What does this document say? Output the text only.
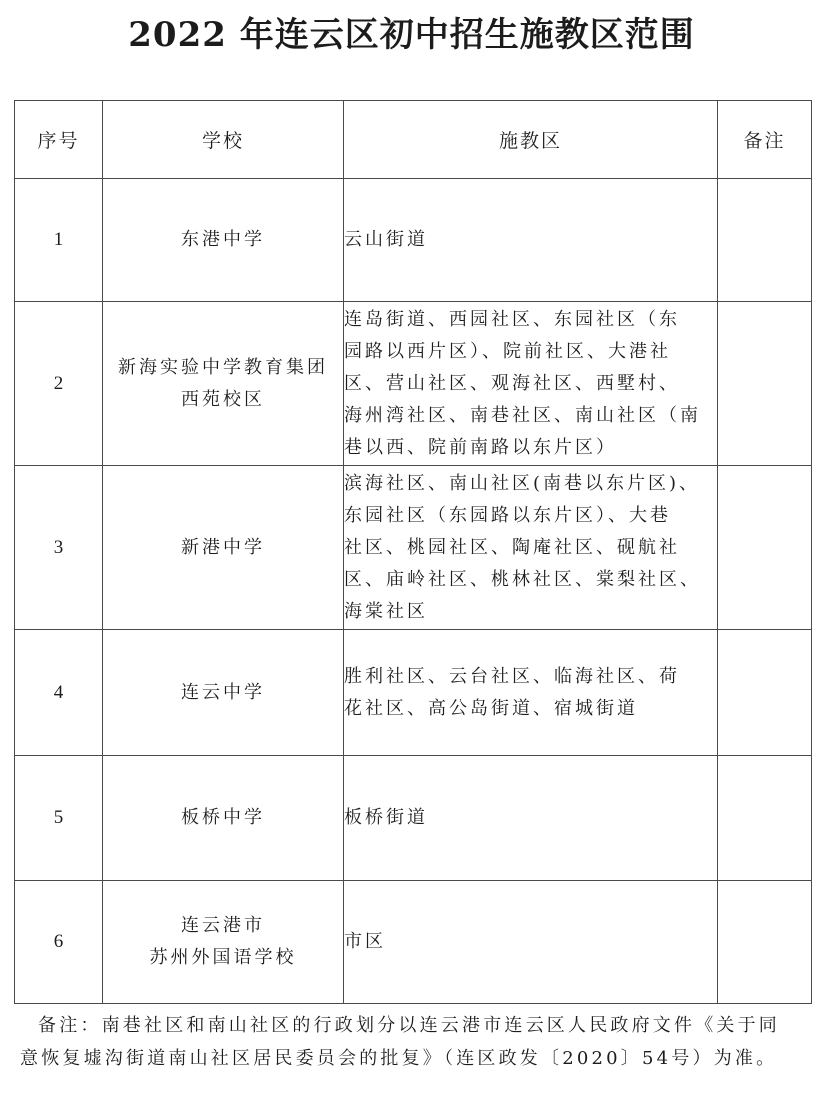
2022 年连云区初中招生施教区范围
序号	学校	施教区	备注
1	东港中学	云山街道	

2	新海实验中学教育集团
西苑校区	连岛街道、西园社区、东园社区（东
园路以西片区）、院前社区、大港社
区、营山社区、观海社区、西墅村、
海州湾社区、南巷社区、南山社区（南
巷以西、院前南路以东片区）	

3	新港中学	滨海社区、南山社区(南巷以东片区)、
东园社区（东园路以东片区）、大巷
社区、桃园社区、陶庵社区、砚航社
区、庙岭社区、桃林社区、棠梨社区、
海棠社区	

4	连云中学	胜利社区、云台社区、临海社区、荷
花社区、高公岛街道、宿城街道	

5	板桥中学	板桥街道	

6	连云港市
苏州外国语学校	市区	

备注：南巷社区和南山社区的行政划分以连云港市连云区人民政府文件《关于同
意恢复墟沟街道南山社区居民委员会的批复》（连区政发〔2020〕54号）为准。
